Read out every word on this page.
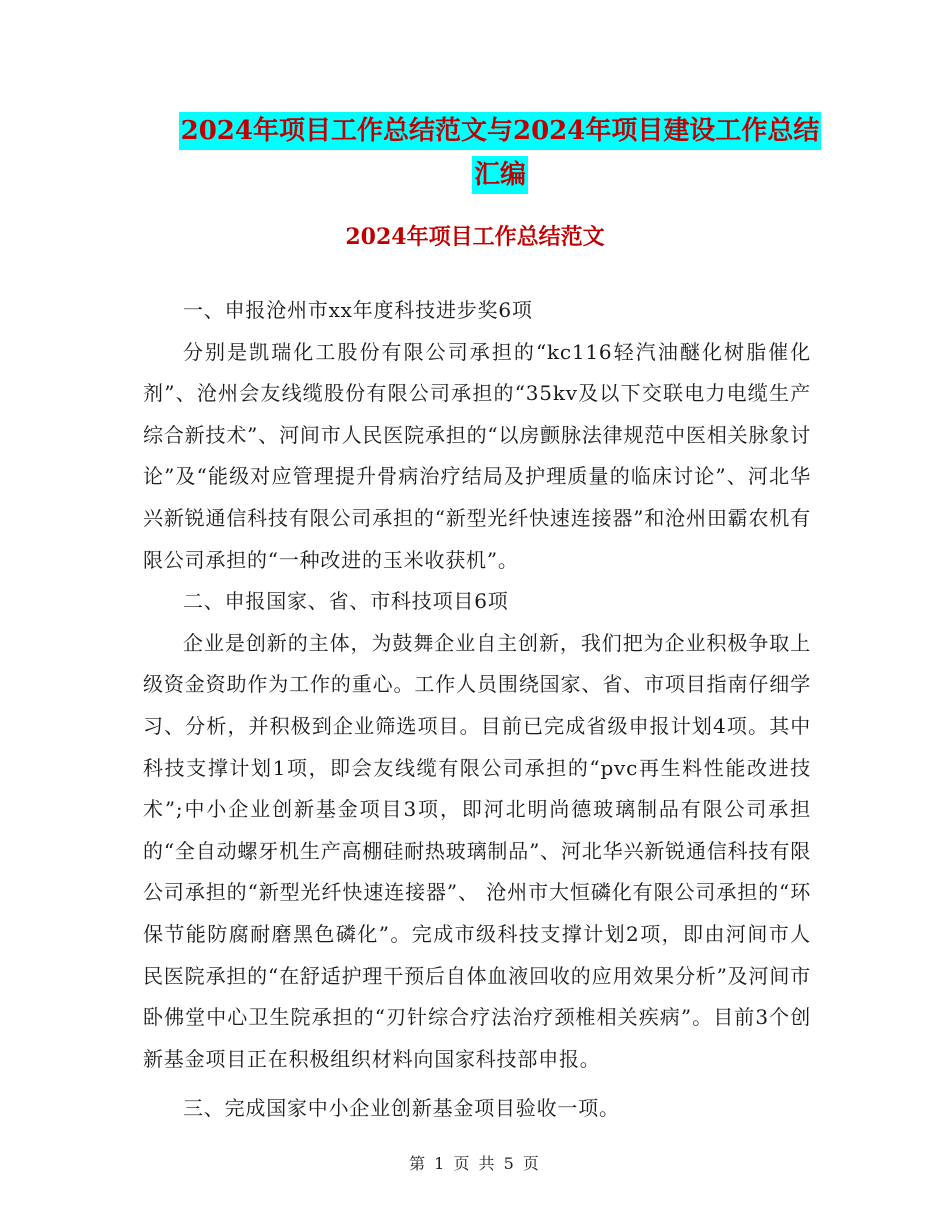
2024年项目工作总结范文与2024年项目建设工作总结
汇编
2024年项目工作总结范文

一、申报沧州市xx年度科技进步奖6项

分别是凯瑞化工股份有限公司承担的“kc116轻汽油醚化树脂催化剂”、沧州会友线缆股份有限公司承担的“35kv及以下交联电力电缆生产综合新技术”、河间市人民医院承担的“以房颤脉法律规范中医相关脉象讨论”及“能级对应管理提升骨病治疗结局及护理质量的临床讨论”、河北华兴新锐通信科技有限公司承担的“新型光纤快速连接器”和沧州田霸农机有限公司承担的“一种改进的玉米收获机”。

二、申报国家、省、市科技项目6项

企业是创新的主体，为鼓舞企业自主创新，我们把为企业积极争取上级资金资助作为工作的重心。工作人员围绕国家、省、市项目指南仔细学习、分析，并积极到企业筛选项目。目前已完成省级申报计划4项。其中科技支撑计划1项，即会友线缆有限公司承担的“pvc再生料性能改进技术”;中小企业创新基金项目3项，即河北明尚德玻璃制品有限公司承担的“全自动螺牙机生产高棚硅耐热玻璃制品”、河北华兴新锐通信科技有限公司承担的“新型光纤快速连接器”、 沧州市大恒磷化有限公司承担的“环保节能防腐耐磨黑色磷化”。完成市级科技支撑计划2项，即由河间市人民医院承担的“在舒适护理干预后自体血液回收的应用效果分析”及河间市卧佛堂中心卫生院承担的“刃针综合疗法治疗颈椎相关疾病”。目前3个创新基金项目正在积极组织材料向国家科技部申报。

三、完成国家中小企业创新基金项目验收一项。

第 1 页 共 5 页
